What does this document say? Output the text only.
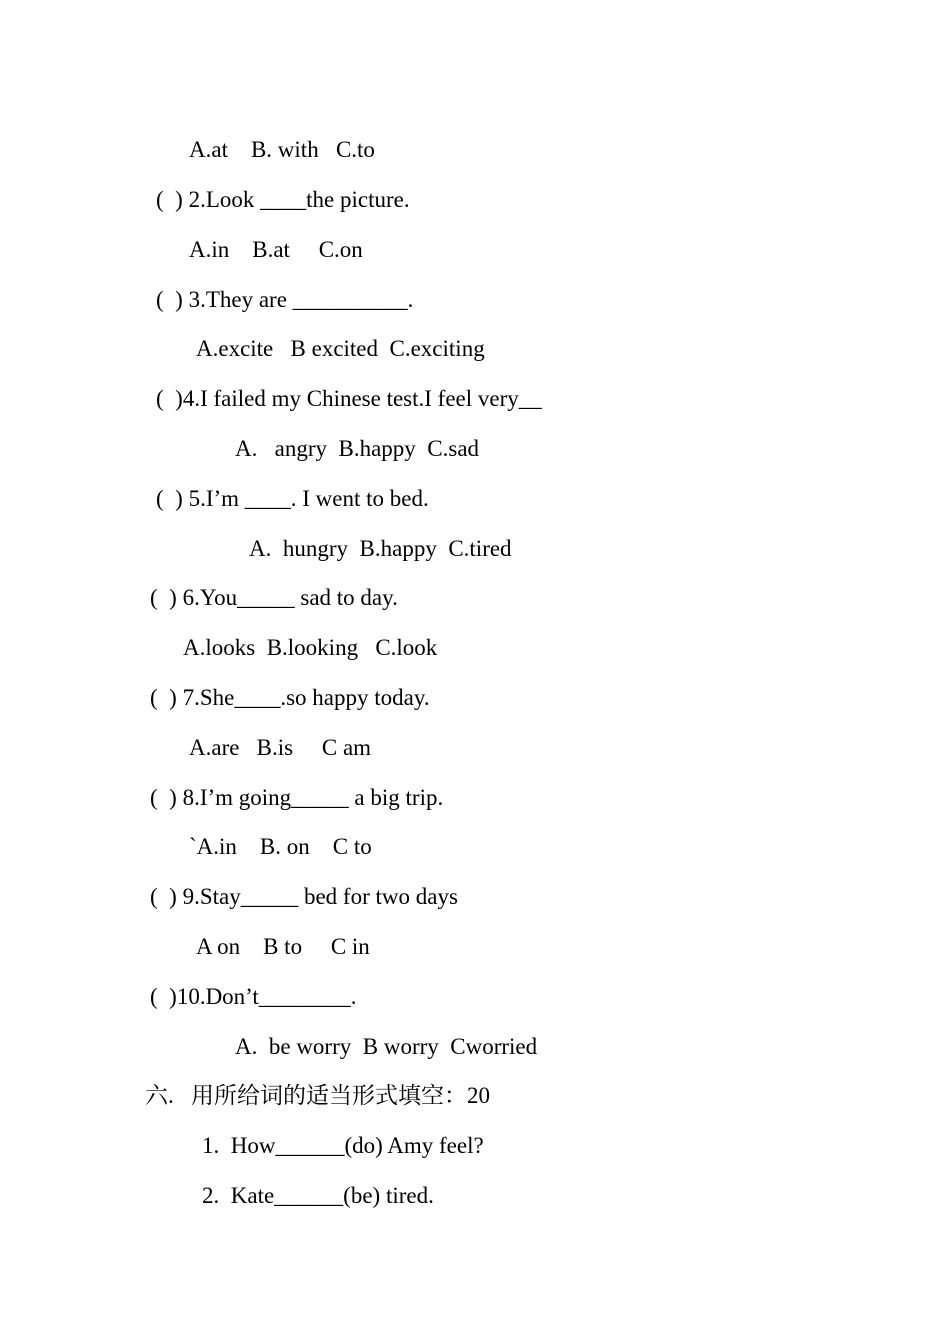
A.at    B. with   C.to
(  ) 2.Look ____the picture.
A.in    B.at     C.on
(  ) 3.They are __________.
A.excite   B excited  C.exciting
(  )4.I failed my Chinese test.I feel very__
A.   angry  B.happy  C.sad
(  ) 5.I’m ____. I went to bed.
A.  hungry  B.happy  C.tired
(  ) 6.You_____ sad to day.
A.looks  B.looking   C.look
(  ) 7.She____.so happy today.
A.are   B.is     C am
(  ) 8.I’m going_____ a big trip.
`A.in    B. on    C to
(  ) 9.Stay_____ bed for two days
A on    B to     C in
(  )10.Don’t________.
A.  be worry  B worry  Cworried
六.   用所给词的适当形式填空：20
1.  How______(do) Amy feel?
2.  Kate______(be) tired.
